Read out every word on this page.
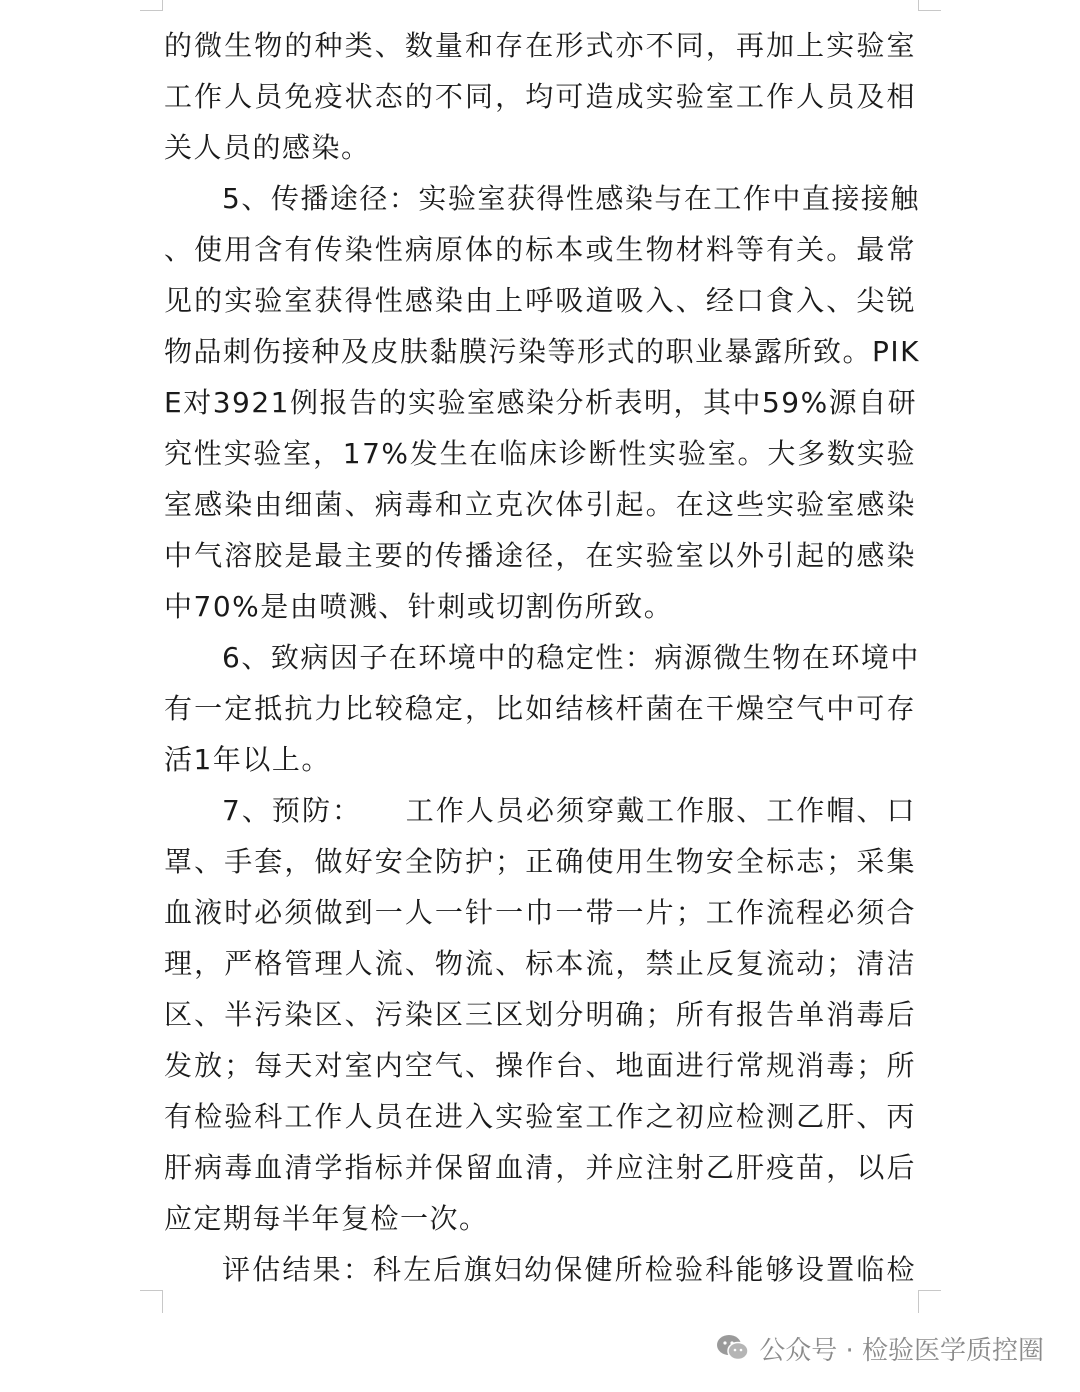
的微生物的种类、数量和存在形式亦不同，再加上实验室
工作人员免疫状态的不同，均可造成实验室工作人员及相
关人员的感染。
5、传播途径：实验室获得性感染与在工作中直接接触
、使用含有传染性病原体的标本或生物材料等有关。最常
见的实验室获得性感染由上呼吸道吸入、经口食入、尖锐
物品刺伤接种及皮肤黏膜污染等形式的职业暴露所致。PIK
E对3921例报告的实验室感染分析表明，其中59%源自研
究性实验室，17%发生在临床诊断性实验室。大多数实验
室感染由细菌、病毒和立克次体引起。在这些实验室感染
中气溶胶是最主要的传播途径，在实验室以外引起的感染
中70%是由喷溅、针刺或切割伤所致。
6、致病因子在环境中的稳定性：病源微生物在环境中
有一定抵抗力比较稳定，比如结核杆菌在干燥空气中可存
活1年以上。
7、预防：    工作人员必须穿戴工作服、工作帽、口
罩、手套，做好安全防护；正确使用生物安全标志；采集
血液时必须做到一人一针一巾一带一片；工作流程必须合
理，严格管理人流、物流、标本流，禁止反复流动；清洁
区、半污染区、污染区三区划分明确；所有报告单消毒后
发放；每天对室内空气、操作台、地面进行常规消毒；所
有检验科工作人员在进入实验室工作之初应检测乙肝、丙
肝病毒血清学指标并保留血清，并应注射乙肝疫苗，以后
应定期每半年复检一次。
评估结果：科左后旗妇幼保健所检验科能够设置临检
公众号 · 检验医学质控圈
